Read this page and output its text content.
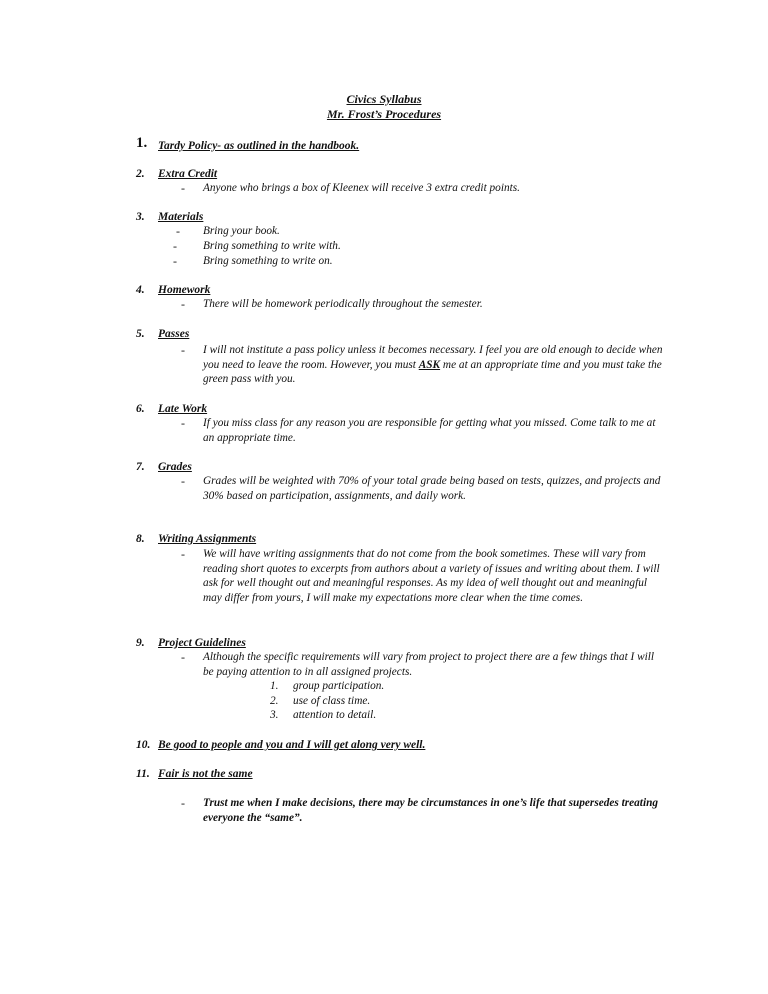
Civics Syllabus
Mr. Frost’s Procedures
1. Tardy Policy- as outlined in the handbook.
2. Extra Credit
- Anyone who brings a box of Kleenex will receive 3 extra credit points.
3. Materials
- Bring your book.
- Bring something to write with.
- Bring something to write on.
4. Homework
- There will be homework periodically throughout the semester.
5. Passes
- I will not institute a pass policy unless it becomes necessary. I feel you are old enough to decide when you need to leave the room. However, you must ASK me at an appropriate time and you must take the green pass with you.
6. Late Work
- If you miss class for any reason you are responsible for getting what you missed. Come talk to me at an appropriate time.
7. Grades
- Grades will be weighted with 70% of your total grade being based on tests, quizzes, and projects and 30% based on participation, assignments, and daily work.
8. Writing Assignments
- We will have writing assignments that do not come from the book sometimes. These will vary from reading short quotes to excerpts from authors about a variety of issues and writing about them. I will ask for well thought out and meaningful responses. As my idea of well thought out and meaningful may differ from yours, I will make my expectations more clear when the time comes.
9. Project Guidelines
- Although the specific requirements will vary from project to project there are a few things that I will be paying attention to in all assigned projects.
1. group participation.
2. use of class time.
3. attention to detail.
10. Be good to people and you and I will get along very well.
11. Fair is not the same
- Trust me when I make decisions, there may be circumstances in one’s life that supersedes treating everyone the “same”.
